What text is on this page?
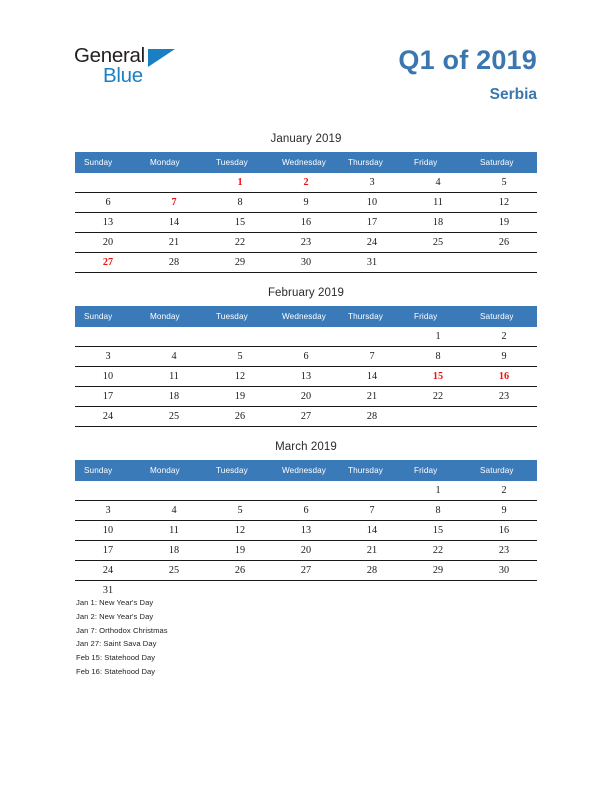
General
Blue
Q1 of 2019
Serbia
January 2019
Sunday	Monday	Tuesday	Wednesday	Thursday	Friday	Saturday
		1	2	3	4	5
6	7	8	9	10	11	12
13	14	15	16	17	18	19
20	21	22	23	24	25	26
27	28	29	30	31		
February 2019
Sunday	Monday	Tuesday	Wednesday	Thursday	Friday	Saturday
					1	2
3	4	5	6	7	8	9
10	11	12	13	14	15	16
17	18	19	20	21	22	23
24	25	26	27	28		
March 2019
Sunday	Monday	Tuesday	Wednesday	Thursday	Friday	Saturday
					1	2
3	4	5	6	7	8	9
10	11	12	13	14	15	16
17	18	19	20	21	22	23
24	25	26	27	28	29	30
31						
Jan 1: New Year's Day
Jan 2: New Year's Day
Jan 7: Orthodox Christmas
Jan 27: Saint Sava Day
Feb 15: Statehood Day
Feb 16: Statehood Day
